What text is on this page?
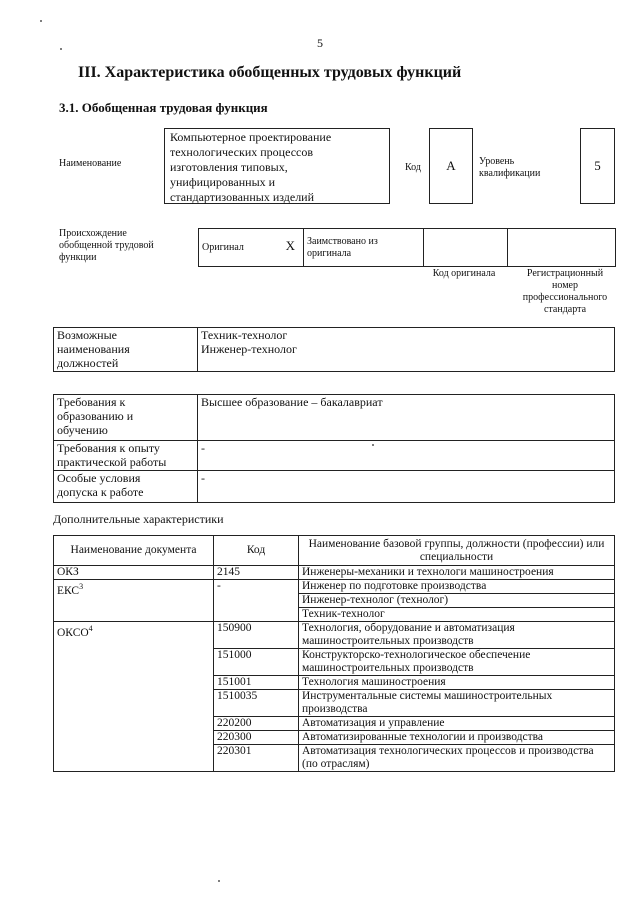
5
III. Характеристика обобщенных трудовых функций
3.1. Обобщенная трудовая функция
Наименование
Компьютерное проектирование
технологических процессов
изготовления типовых,
унифицированных и
стандартизованных изделий
Код А Уровень
квалификации
5
Происхождение
обобщенной трудовой
функции
Оригинал	Х	Заимствовано из
оригинала

Код оригинала	Регистрационный
номер
профессионального
стандарта
Возможные
наименования
должностей

Техник-технолог
Инженер-технолог
Требования к
образованию и
обучению	Высшее образование – бакалавриат

Требования к опыту
практической работы	-

Особые условия
допуска к работе	-
Дополнительные характеристики
Наименование документа	Код	Наименование базовой группы, должности (профессии) или специальности
ОКЗ	2145	Инженеры-механики и технологи машиностроения
ЕКС$^3$	-	Инженер по подготовке производства
		Инженер-технолог (технолог)
		Техник-технолог
ОКСО$^4$	150900	Технология, оборудование и автоматизация машиностроительных производств
	151000	Конструкторско-технологическое обеспечение машиностроительных производств
	151001	Технология машиностроения
	1510035	Инструментальные системы машиностроительных производства
	220200	Автоматизация и управление
	220300	Автоматизированные технологии и производства
	220301	Автоматизация технологических процессов и производства (по отраслям)
